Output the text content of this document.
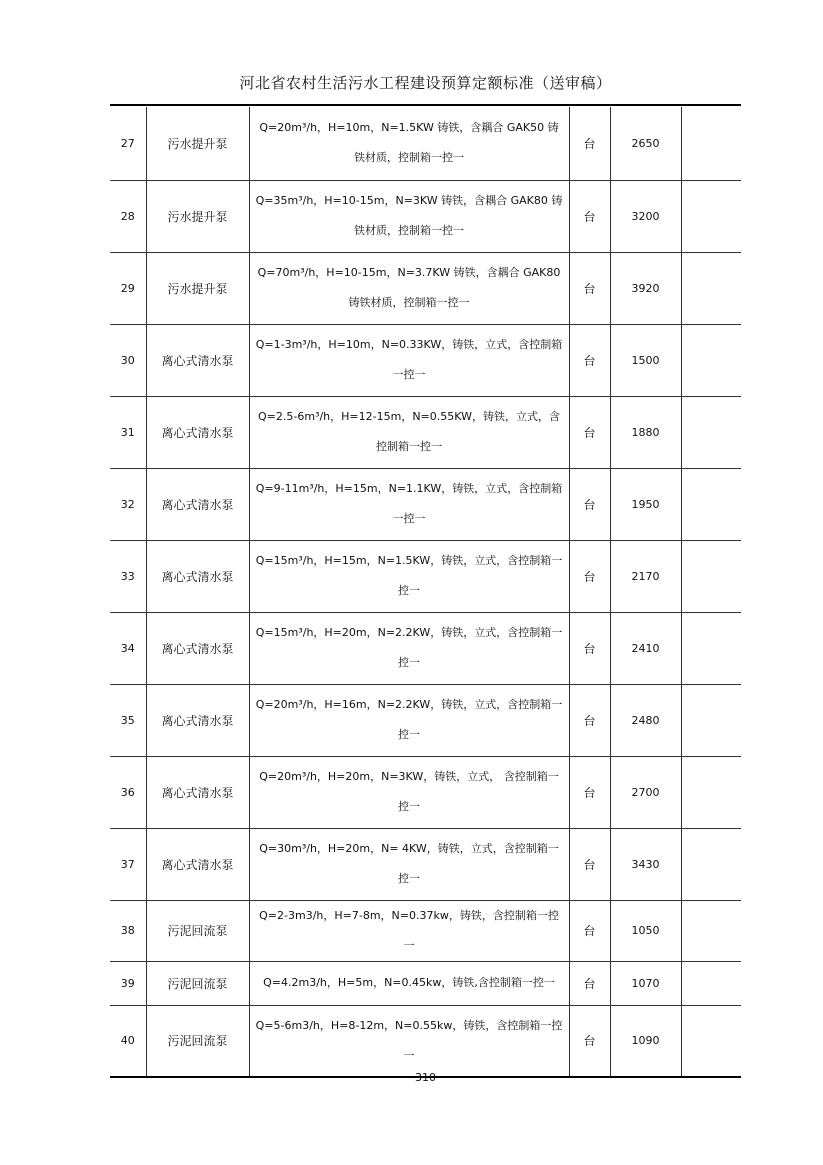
河北省农村生活污水工程建设预算定额标准（送审稿）
27	污水提升泵	Q=20m³/h，H=10m，N=1.5KW 铸铁，含耦合 GAK50 铸铁材质，控制箱一控一	台	2650	
28	污水提升泵	Q=35m³/h，H=10-15m，N=3KW 铸铁，含耦合 GAK80 铸铁材质，控制箱一控一	台	3200	
29	污水提升泵	Q=70m³/h，H=10-15m，N=3.7KW 铸铁，含耦合 GAK80 铸铁材质，控制箱一控一	台	3920	
30	离心式清水泵	Q=1-3m³/h，H=10m，N=0.33KW，铸铁，立式，含控制箱一控一	台	1500	
31	离心式清水泵	Q=2.5-6m³/h，H=12-15m，N=0.55KW，铸铁，立式，含控制箱一控一	台	1880	
32	离心式清水泵	Q=9-11m³/h，H=15m，N=1.1KW，铸铁，立式，含控制箱一控一	台	1950	
33	离心式清水泵	Q=15m³/h，H=15m，N=1.5KW，铸铁，立式，含控制箱一控一	台	2170	
34	离心式清水泵	Q=15m³/h，H=20m，N=2.2KW，铸铁，立式，含控制箱一控一	台	2410	
35	离心式清水泵	Q=20m³/h，H=16m，N=2.2KW，铸铁，立式，含控制箱一控一	台	2480	
36	离心式清水泵	Q=20m³/h，H=20m，N=3KW，铸铁，立式， 含控制箱一控一	台	2700	
37	离心式清水泵	Q=30m³/h，H=20m，N= 4KW，铸铁，立式，含控制箱一控一	台	3430	
38	污泥回流泵	Q=2-3m3/h，H=7-8m，N=0.37kw，铸铁，含控制箱一控一	台	1050	
39	污泥回流泵	Q=4.2m3/h，H=5m，N=0.45kw，铸铁,含控制箱一控一	台	1070	
40	污泥回流泵	Q=5-6m3/h，H=8-12m，N=0.55kw，铸铁，含控制箱一控一	台	1090	
310
